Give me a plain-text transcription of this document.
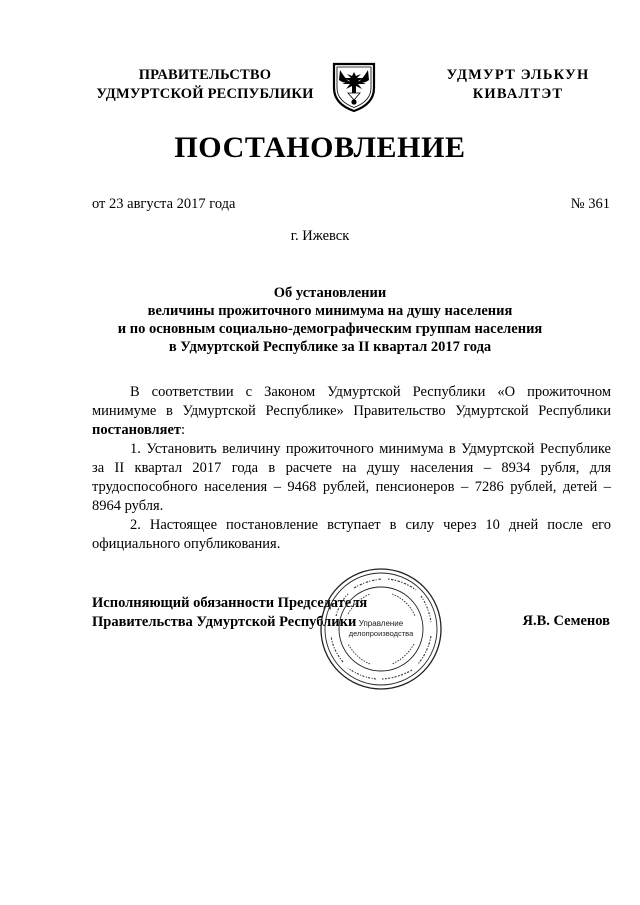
ПРАВИТЕЛЬСТВО
УДМУРТСКОЙ РЕСПУБЛИКИ
УДМУРТ ЭЛЬКУН
КИВАЛТЭТ
ПОСТАНОВЛЕНИЕ
от 23 августа 2017 года	№ 361
г. Ижевск
Об установлении
величины прожиточного минимума на душу населения
и по основным социально-демографическим группам населения
в Удмуртской Республике за II квартал 2017 года

В соответствии с Законом Удмуртской Республики «О прожиточном минимуме в Удмуртской Республике» Правительство Удмуртской Республики постановляет:

1. Установить величину прожиточного минимума в Удмуртской Республике за II квартал 2017 года в расчете на душу населения – 8934 рубля, для трудоспособного населения – 9468 рублей, пенсионеров – 7286 рублей, детей – 8964 рубля.

2. Настоящее постановление вступает в силу через 10 дней после его официального опубликования.

Исполняющий обязанности Председателя
Правительства Удмуртской Республики	Я.В. Семенов
Управление
делопроизводства
